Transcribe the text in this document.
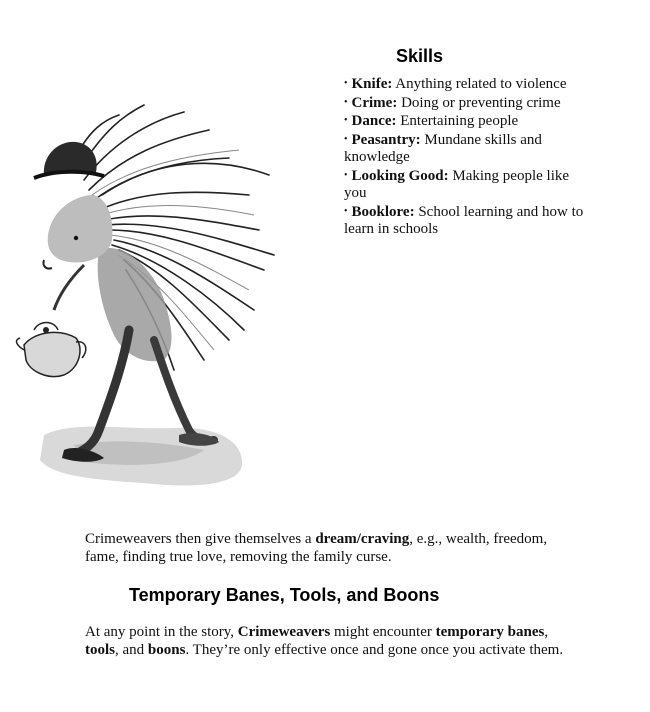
Skills
• Knife: Anything related to violence
• Crime: Doing or preventing crime
• Dance: Entertaining people
• Peasantry: Mundane skills and knowledge
• Looking Good: Making people like you
• Booklore: School learning and how to learn in schools

Crimeweavers then give themselves a dream/craving, e.g., wealth, freedom, fame, finding true love, removing the family curse.

Temporary Banes, Tools, and Boons

At any point in the story, Crimeweavers might encounter temporary banes, tools, and boons. They’re only effective once and gone once you activate them.
